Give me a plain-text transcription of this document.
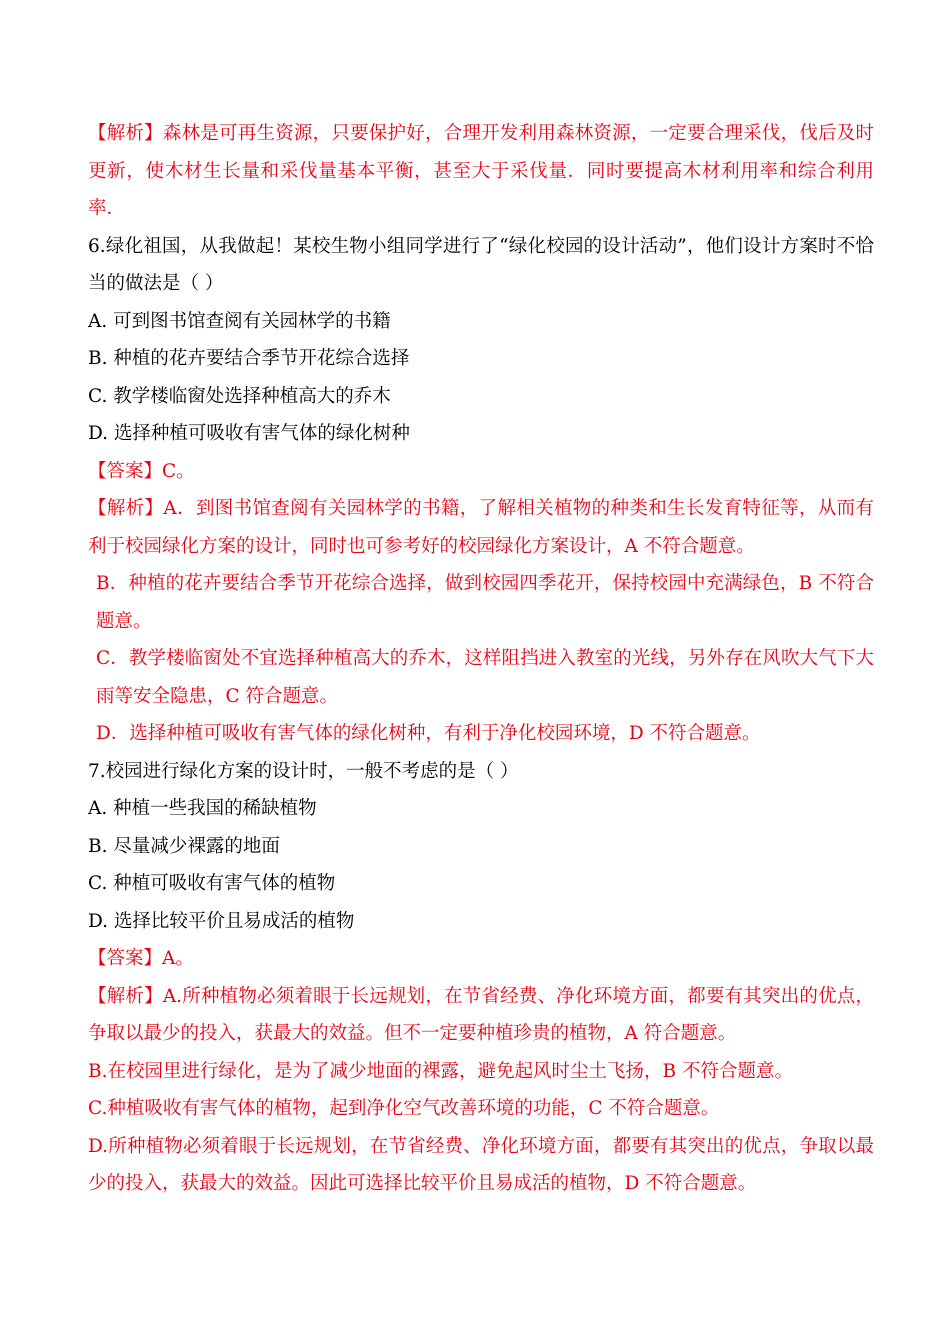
【解析】森林是可再生资源，只要保护好，合理开发利用森林资源，一定要合理采伐，伐后及时更新，使木材生长量和采伐量基本平衡，甚至大于采伐量．同时要提高木材利用率和综合利用率．
6.绿化祖国，从我做起！某校生物小组同学进行了“绿化校园的设计活动”，他们设计方案时不恰当的做法是（ ）
A. 可到图书馆查阅有关园林学的书籍
B. 种植的花卉要结合季节开花综合选择
C. 教学楼临窗处选择种植高大的乔木
D. 选择种植可吸收有害气体的绿化树种
【答案】C。
【解析】A．到图书馆查阅有关园林学的书籍，了解相关植物的种类和生长发育特征等，从而有利于校园绿化方案的设计，同时也可参考好的校园绿化方案设计，A 不符合题意。
B．种植的花卉要结合季节开花综合选择，做到校园四季花开，保持校园中充满绿色，B 不符合题意。
C．教学楼临窗处不宜选择种植高大的乔木，这样阻挡进入教室的光线，另外存在风吹大气下大雨等安全隐患，C 符合题意。
D．选择种植可吸收有害气体的绿化树种，有利于净化校园环境，D 不符合题意。
7.校园进行绿化方案的设计时，一般不考虑的是（ ）
A. 种植一些我国的稀缺植物
B. 尽量减少裸露的地面
C. 种植可吸收有害气体的植物
D. 选择比较平价且易成活的植物
【答案】A。
【解析】A.所种植物必须着眼于长远规划，在节省经费、净化环境方面，都要有其突出的优点，争取以最少的投入，获最大的效益。但不一定要种植珍贵的植物，A 符合题意。
B.在校园里进行绿化，是为了减少地面的裸露，避免起风时尘土飞扬，B 不符合题意。
C.种植吸收有害气体的植物，起到净化空气改善环境的功能，C 不符合题意。
D.所种植物必须着眼于长远规划，在节省经费、净化环境方面，都要有其突出的优点，争取以最少的投入，获最大的效益。因此可选择比较平价且易成活的植物，D 不符合题意。
